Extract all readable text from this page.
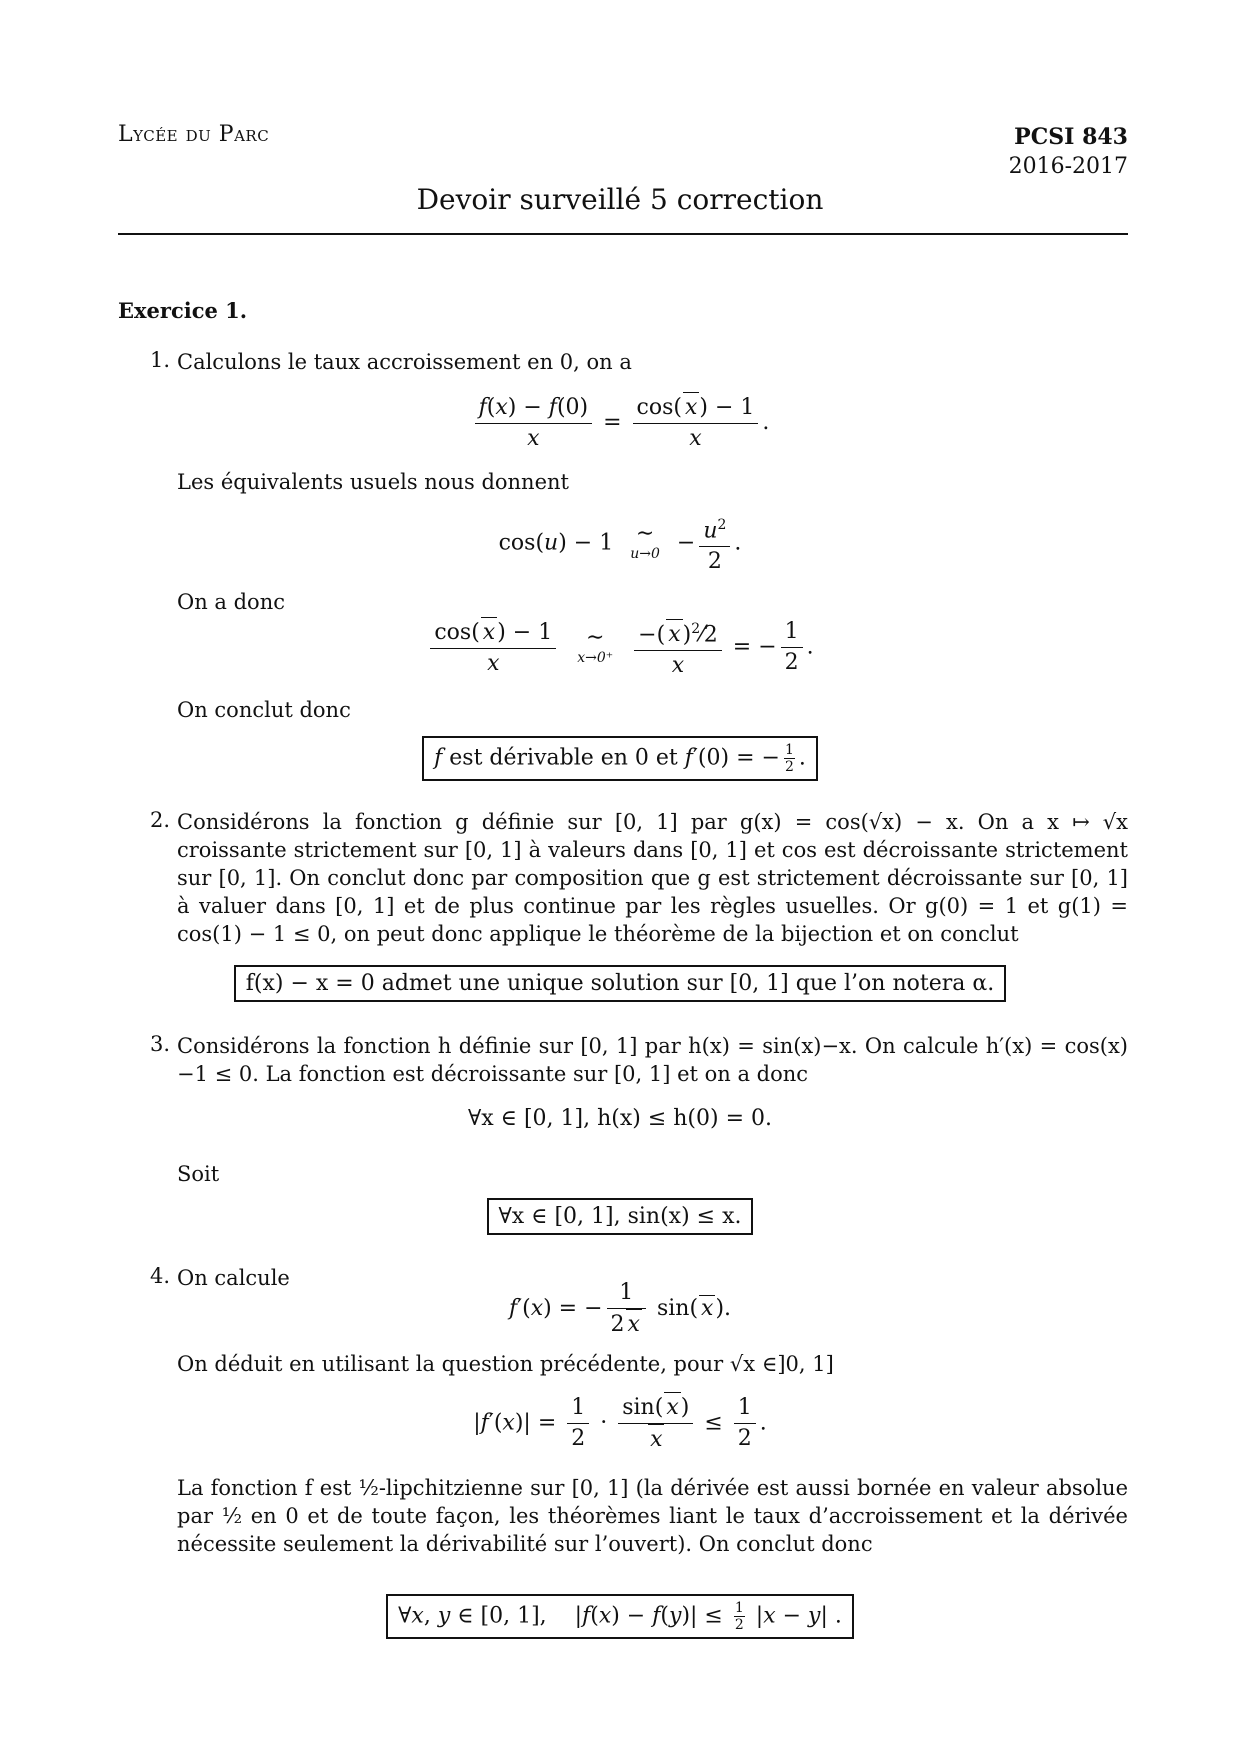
Lycée du Parc	PCSI 843
2016-2017
Devoir surveillé 5 correction
Exercice 1.
1. Calculons le taux accroissement en 0, on a
$\frac{f(x) - f(0)}{x} = \frac{\cos( x) - 1}{x}$ .
Les équivalents usuels nous donnent
cos(u) − 1 ∼
$u\to 0 - \frac{u^2}{2}$ .
On a donc
$\frac{\cos( x) - 1}{x}$
	∼
x→0⁺
$\frac{-( x)^2⁄2}{x}$ = − $\frac{1}{2}$ .
On conclut donc
f est dérivable en 0 et f′(0) = − $\frac{1}{2}$ .
2. Considérons la fonction g définie sur [0, 1] par g(x) = cos(√x) − x. On a x ↦ √x croissante strictement sur [0, 1] à valeurs dans [0, 1] et cos est décroissante strictement sur [0, 1]. On conclut donc par composition que g est strictement décroissante sur [0, 1] à valuer dans [0, 1] et de plus continue par les règles usuelles. Or g(0) = 1 et g(1) = cos(1) − 1 ≤ 0, on peut donc applique le théorème de la bijection et on conclut
f(x) − x = 0 admet une unique solution sur [0, 1] que l’on notera α.
3. Considérons la fonction h définie sur [0, 1] par h(x) = sin(x)−x. On calcule h′(x) = cos(x)−1 ≤ 0. La fonction est décroissante sur [0, 1] et on a donc
∀x ∈ [0, 1], h(x) ≤ h(0) = 0.
Soit
∀x ∈ [0, 1], sin(x) ≤ x.
4. On calcule
f′(x) = − $\frac{1}{2 x} \sin$( x).
On déduit en utilisant la question précédente, pour √x ∈]0, 1]
$|f'(x)| = \frac{1}{2} \cdot \frac{\sin( x)}{x} \le \frac{1}{2}$ .
La fonction f est ½-lipchitzienne sur [0, 1] (la dérivée est aussi bornée en valeur absolue par ½ en 0 et de toute façon, les théorèmes liant le taux d’accroissement et la dérivée nécessite seulement la dérivabilité sur l’ouvert). On conclut donc
∀x, y ∈ [0, 1],    $|f(x) - f(y)| \le \frac{1}{2} |x - y|$ .
